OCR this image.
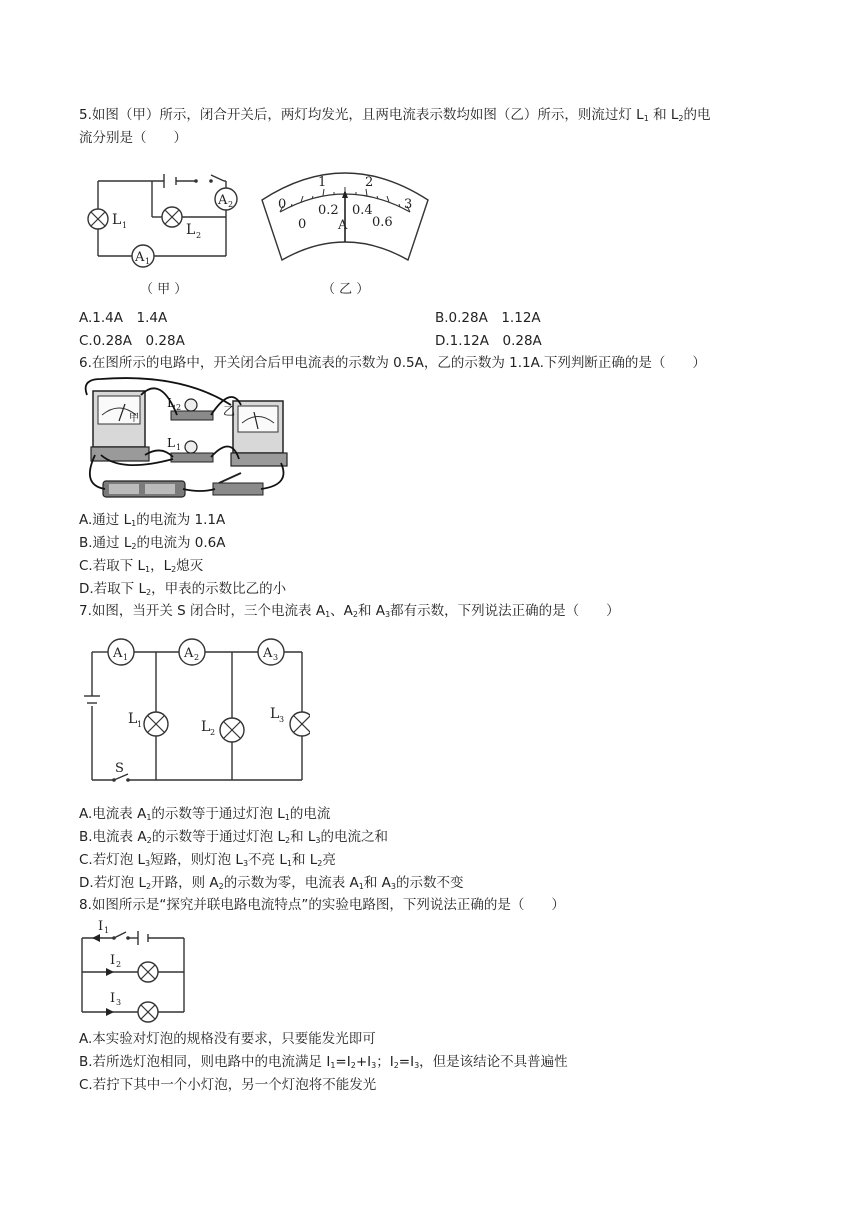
5.如图（甲）所示，闭合开关后，两灯均发光，且两电流表示数均如图（乙）所示，则流过灯 $L_1$ 和 $L_2$的电
流分别是（　　）
L 1	L 2
A 1
A 2
（ 甲 ）
0
1	2
3
0
0.2 0.4
0.6
A
（ 乙 ）
A.1.4A　1.4A	B.0.28A　1.12A
C.0.28A　0.28A	D.1.12A　0.28A
6.在图所示的电路中，开关闭合后甲电流表的示数为 0.5A，乙的示数为 1.1A.下列判断正确的是（　　）
甲
乙
L 2
L 1
A.通过 $L_1$的电流为 1.1A
B.通过 $L_2$的电流为 0.6A
C.若取下 $L_1$，$L_2$熄灭
D.若取下 $L_2$，甲表的示数比乙的小
7.如图，当开关 S 闭合时，三个电流表 $A_1$、$A_2$和 $A_3$都有示数，下列说法正确的是（　　）
A 1	A 2	A 3
L 1	L 2
L 3
S
A.电流表 $A_1$的示数等于通过灯泡 $L_1$的电流
B.电流表 $A_2$的示数等于通过灯泡 $L_2$和 $L_3$的电流之和
C.若灯泡 $L_3$短路，则灯泡 $L_3$不亮 $L_1$和 $L_2$亮
D.若灯泡 $L_2$开路，则 $A_2$的示数为零，电流表 $A_1$和 $A_3$的示数不变
8.如图所示是“探究并联电路电流特点”的实验电路图，下列说法正确的是（　　）
I 1
I 2
I 3
A.本实验对灯泡的规格没有要求，只要能发光即可
B.若所选灯泡相同，则电路中的电流满足 $I_1=I_2+I_3$；$I_2=I_3$，但是该结论不具普遍性
C.若拧下其中一个小灯泡，另一个灯泡将不能发光
